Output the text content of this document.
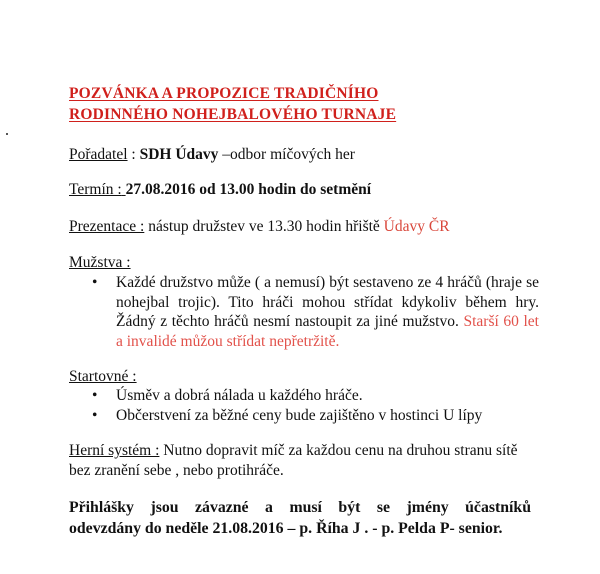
POZVÁNKA A PROPOZICE TRADIČNÍHO
RODINNÉHO NOHEJBALOVÉHO TURNAJE
Pořadatel : SDH Údavy –odbor míčových her
Termín : 27.08.2016 od 13.00 hodin do setmění
Prezentace : nástup družstev ve 13.30 hodin hřiště Údavy ČR
Mužstva :
• Každé družstvo může ( a nemusí) být sestaveno ze 4 hráčů (hraje se nohejbal trojic). Tito hráči mohou střídat kdykoliv během hry. Žádný z těchto hráčů nesmí nastoupit za jiné mužstvo. Starší 60 let a invalidé můžou střídat nepřetržitě.
Startovné :
• Úsměv a dobrá nálada u každého hráče.
• Občerstvení za běžné ceny bude zajištěno v hostinci U lípy
Herní systém : Nutno dopravit míč za každou cenu na druhou stranu sítě bez zranění sebe , nebo protihráče.
Přihlášky jsou závazné a musí být se jmény účastníků
odevzdány do neděle 21.08.2016 – p. Říha J . - p. Pelda P- senior.
